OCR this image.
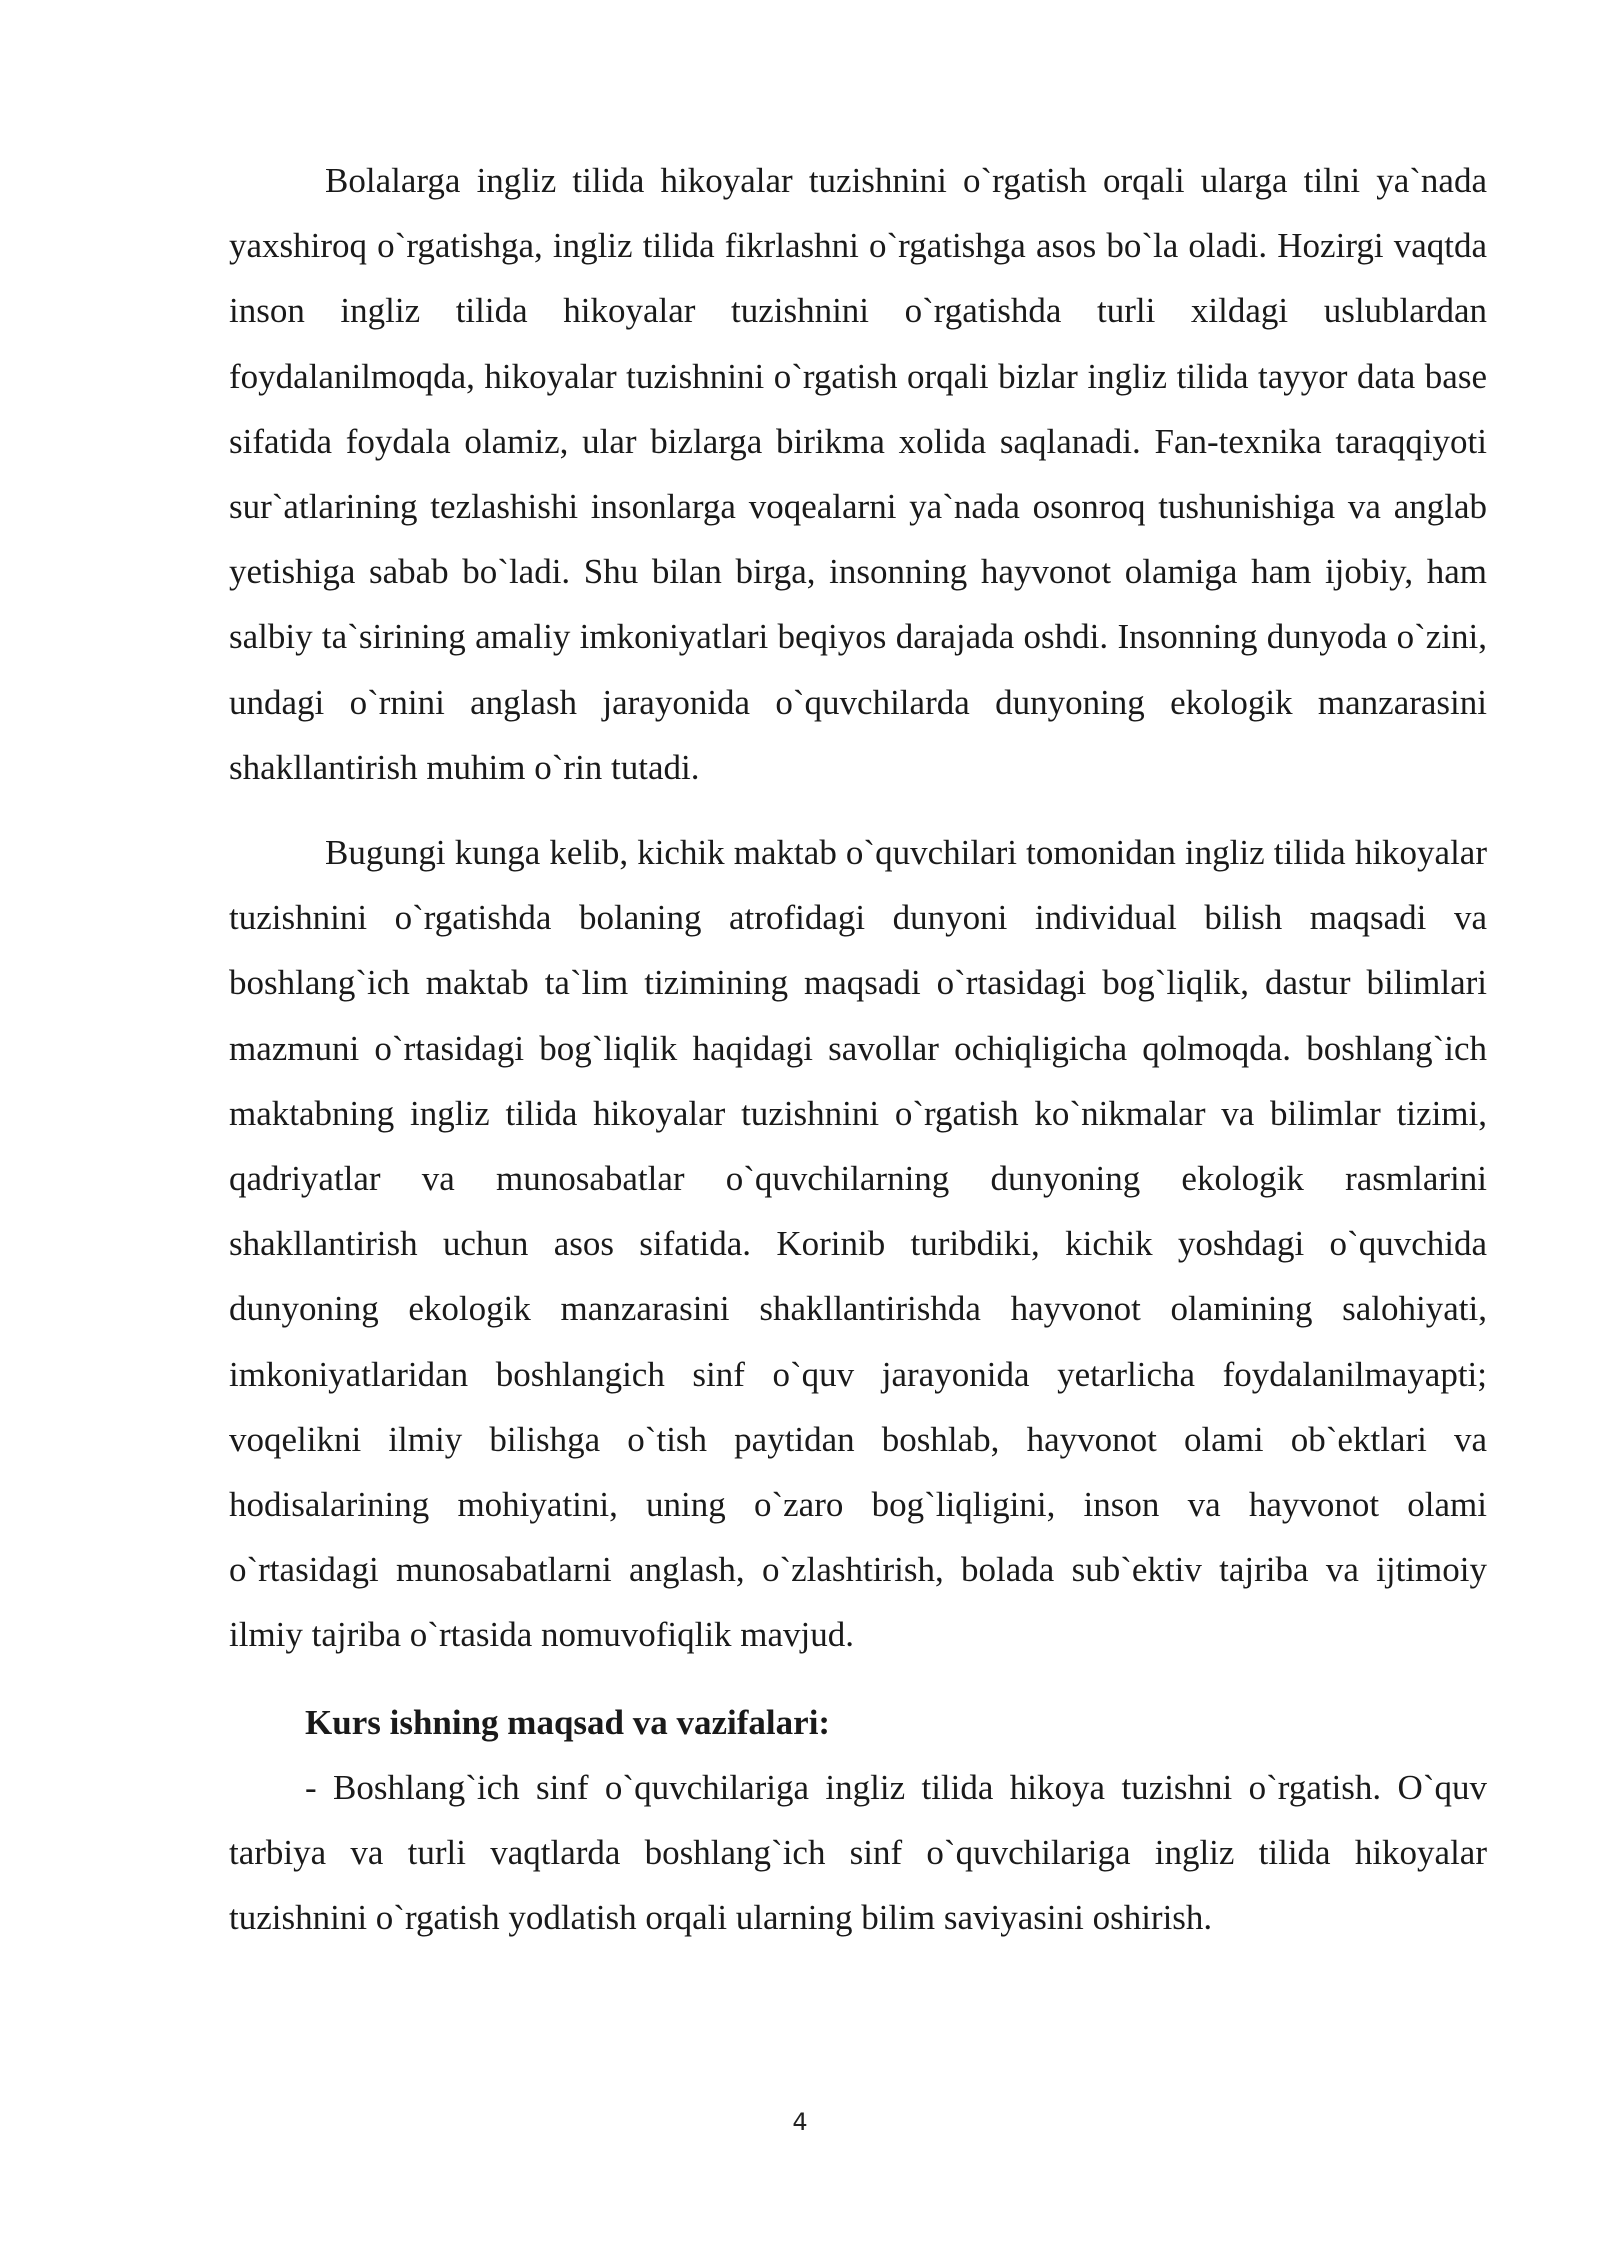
Bolalarga ingliz tilida hikoyalar tuzishnini o`rgatish orqali ularga tilni ya`nada yaxshiroq o`rgatishga, ingliz tilida fikrlashni o`rgatishga asos bo`la oladi. Hozirgi vaqtda inson ingliz tilida hikoyalar tuzishnini o`rgatishda turli xildagi uslublardan foydalanilmoqda, hikoyalar tuzishnini o`rgatish orqali bizlar ingliz tilida tayyor data base sifatida foydala olamiz, ular bizlarga birikma xolida saqlanadi. Fan-texnika taraqqiyoti sur`atlarining tezlashishi insonlarga voqealarni ya`nada osonroq tushunishiga va anglab yetishiga sabab bo`ladi. Shu bilan birga, insonning hayvonot olamiga ham ijobiy, ham salbiy ta`sirining amaliy imkoniyatlari beqiyos darajada oshdi. Insonning dunyoda o`zini, undagi o`rnini anglash jarayonida o`quvchilarda dunyoning ekologik manzarasini shakllantirish muhim o`rin tutadi.

Bugungi kunga kelib, kichik maktab o`quvchilari tomonidan ingliz tilida hikoyalar tuzishnini o`rgatishda bolaning atrofidagi dunyoni individual bilish maqsadi va boshlang`ich maktab ta`lim tizimining maqsadi o`rtasidagi bog`liqlik, dastur bilimlari mazmuni o`rtasidagi bog`liqlik haqidagi savollar ochiqligicha qolmoqda. boshlang`ich maktabning ingliz tilida hikoyalar tuzishnini o`rgatish ko`nikmalar va bilimlar tizimi, qadriyatlar va munosabatlar o`quvchilarning dunyoning ekologik rasmlarini shakllantirish uchun asos sifatida. Korinib turibdiki, kichik yoshdagi o`quvchida dunyoning ekologik manzarasini shakllantirishda hayvonot olamining salohiyati, imkoniyatlaridan boshlangich sinf o`quv jarayonida yetarlicha foydalanilmayapti; voqelikni ilmiy bilishga o`tish paytidan boshlab, hayvonot olami ob`ektlari va hodisalarining mohiyatini, uning o`zaro bog`liqligini, inson va hayvonot olami o`rtasidagi munosabatlarni anglash, o`zlashtirish, bolada sub`ektiv tajriba va ijtimoiy ilmiy tajriba o`rtasida nomuvofiqlik mavjud.

Kurs ishning maqsad va vazifalari:

- Boshlang`ich sinf o`quvchilariga ingliz tilida hikoya tuzishni o`rgatish. O`quv tarbiya va turli vaqtlarda boshlang`ich sinf o`quvchilariga ingliz tilida hikoyalar tuzishnini o`rgatish yodlatish orqali ularning bilim saviyasini oshirish.

4
